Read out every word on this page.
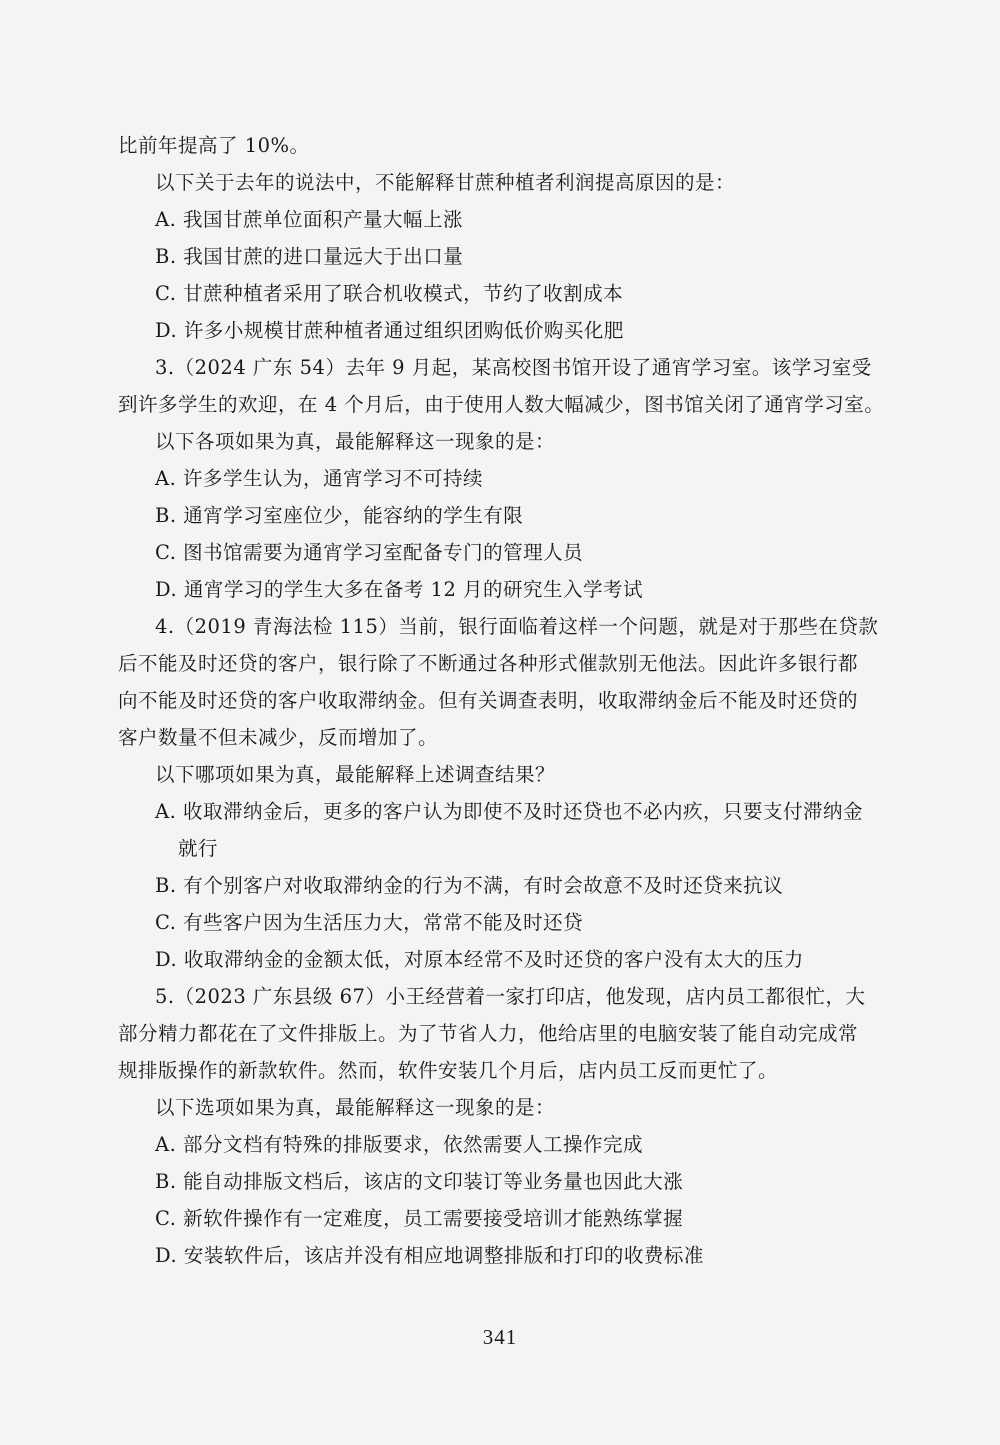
比前年提高了 10%。
以下关于去年的说法中，不能解释甘蔗种植者利润提高原因的是：
A. 我国甘蔗单位面积产量大幅上涨
B. 我国甘蔗的进口量远大于出口量
C. 甘蔗种植者采用了联合机收模式，节约了收割成本
D. 许多小规模甘蔗种植者通过组织团购低价购买化肥
3.（2024 广东 54）去年 9 月起，某高校图书馆开设了通宵学习室。该学习室受
到许多学生的欢迎，在 4 个月后，由于使用人数大幅减少，图书馆关闭了通宵学习室。
以下各项如果为真，最能解释这一现象的是：
A. 许多学生认为，通宵学习不可持续
B. 通宵学习室座位少，能容纳的学生有限
C. 图书馆需要为通宵学习室配备专门的管理人员
D. 通宵学习的学生大多在备考 12 月的研究生入学考试
4.（2019 青海法检 115）当前，银行面临着这样一个问题，就是对于那些在贷款
后不能及时还贷的客户，银行除了不断通过各种形式催款别无他法。因此许多银行都
向不能及时还贷的客户收取滞纳金。但有关调查表明，收取滞纳金后不能及时还贷的
客户数量不但未减少，反而增加了。
以下哪项如果为真，最能解释上述调查结果？
A. 收取滞纳金后，更多的客户认为即使不及时还贷也不必内疚，只要支付滞纳金
就行
B. 有个别客户对收取滞纳金的行为不满，有时会故意不及时还贷来抗议
C. 有些客户因为生活压力大，常常不能及时还贷
D. 收取滞纳金的金额太低，对原本经常不及时还贷的客户没有太大的压力
5.（2023 广东县级 67）小王经营着一家打印店，他发现，店内员工都很忙，大
部分精力都花在了文件排版上。为了节省人力，他给店里的电脑安装了能自动完成常
规排版操作的新款软件。然而，软件安装几个月后，店内员工反而更忙了。
以下选项如果为真，最能解释这一现象的是：
A. 部分文档有特殊的排版要求，依然需要人工操作完成
B. 能自动排版文档后，该店的文印装订等业务量也因此大涨
C. 新软件操作有一定难度，员工需要接受培训才能熟练掌握
D. 安装软件后，该店并没有相应地调整排版和打印的收费标准
341
